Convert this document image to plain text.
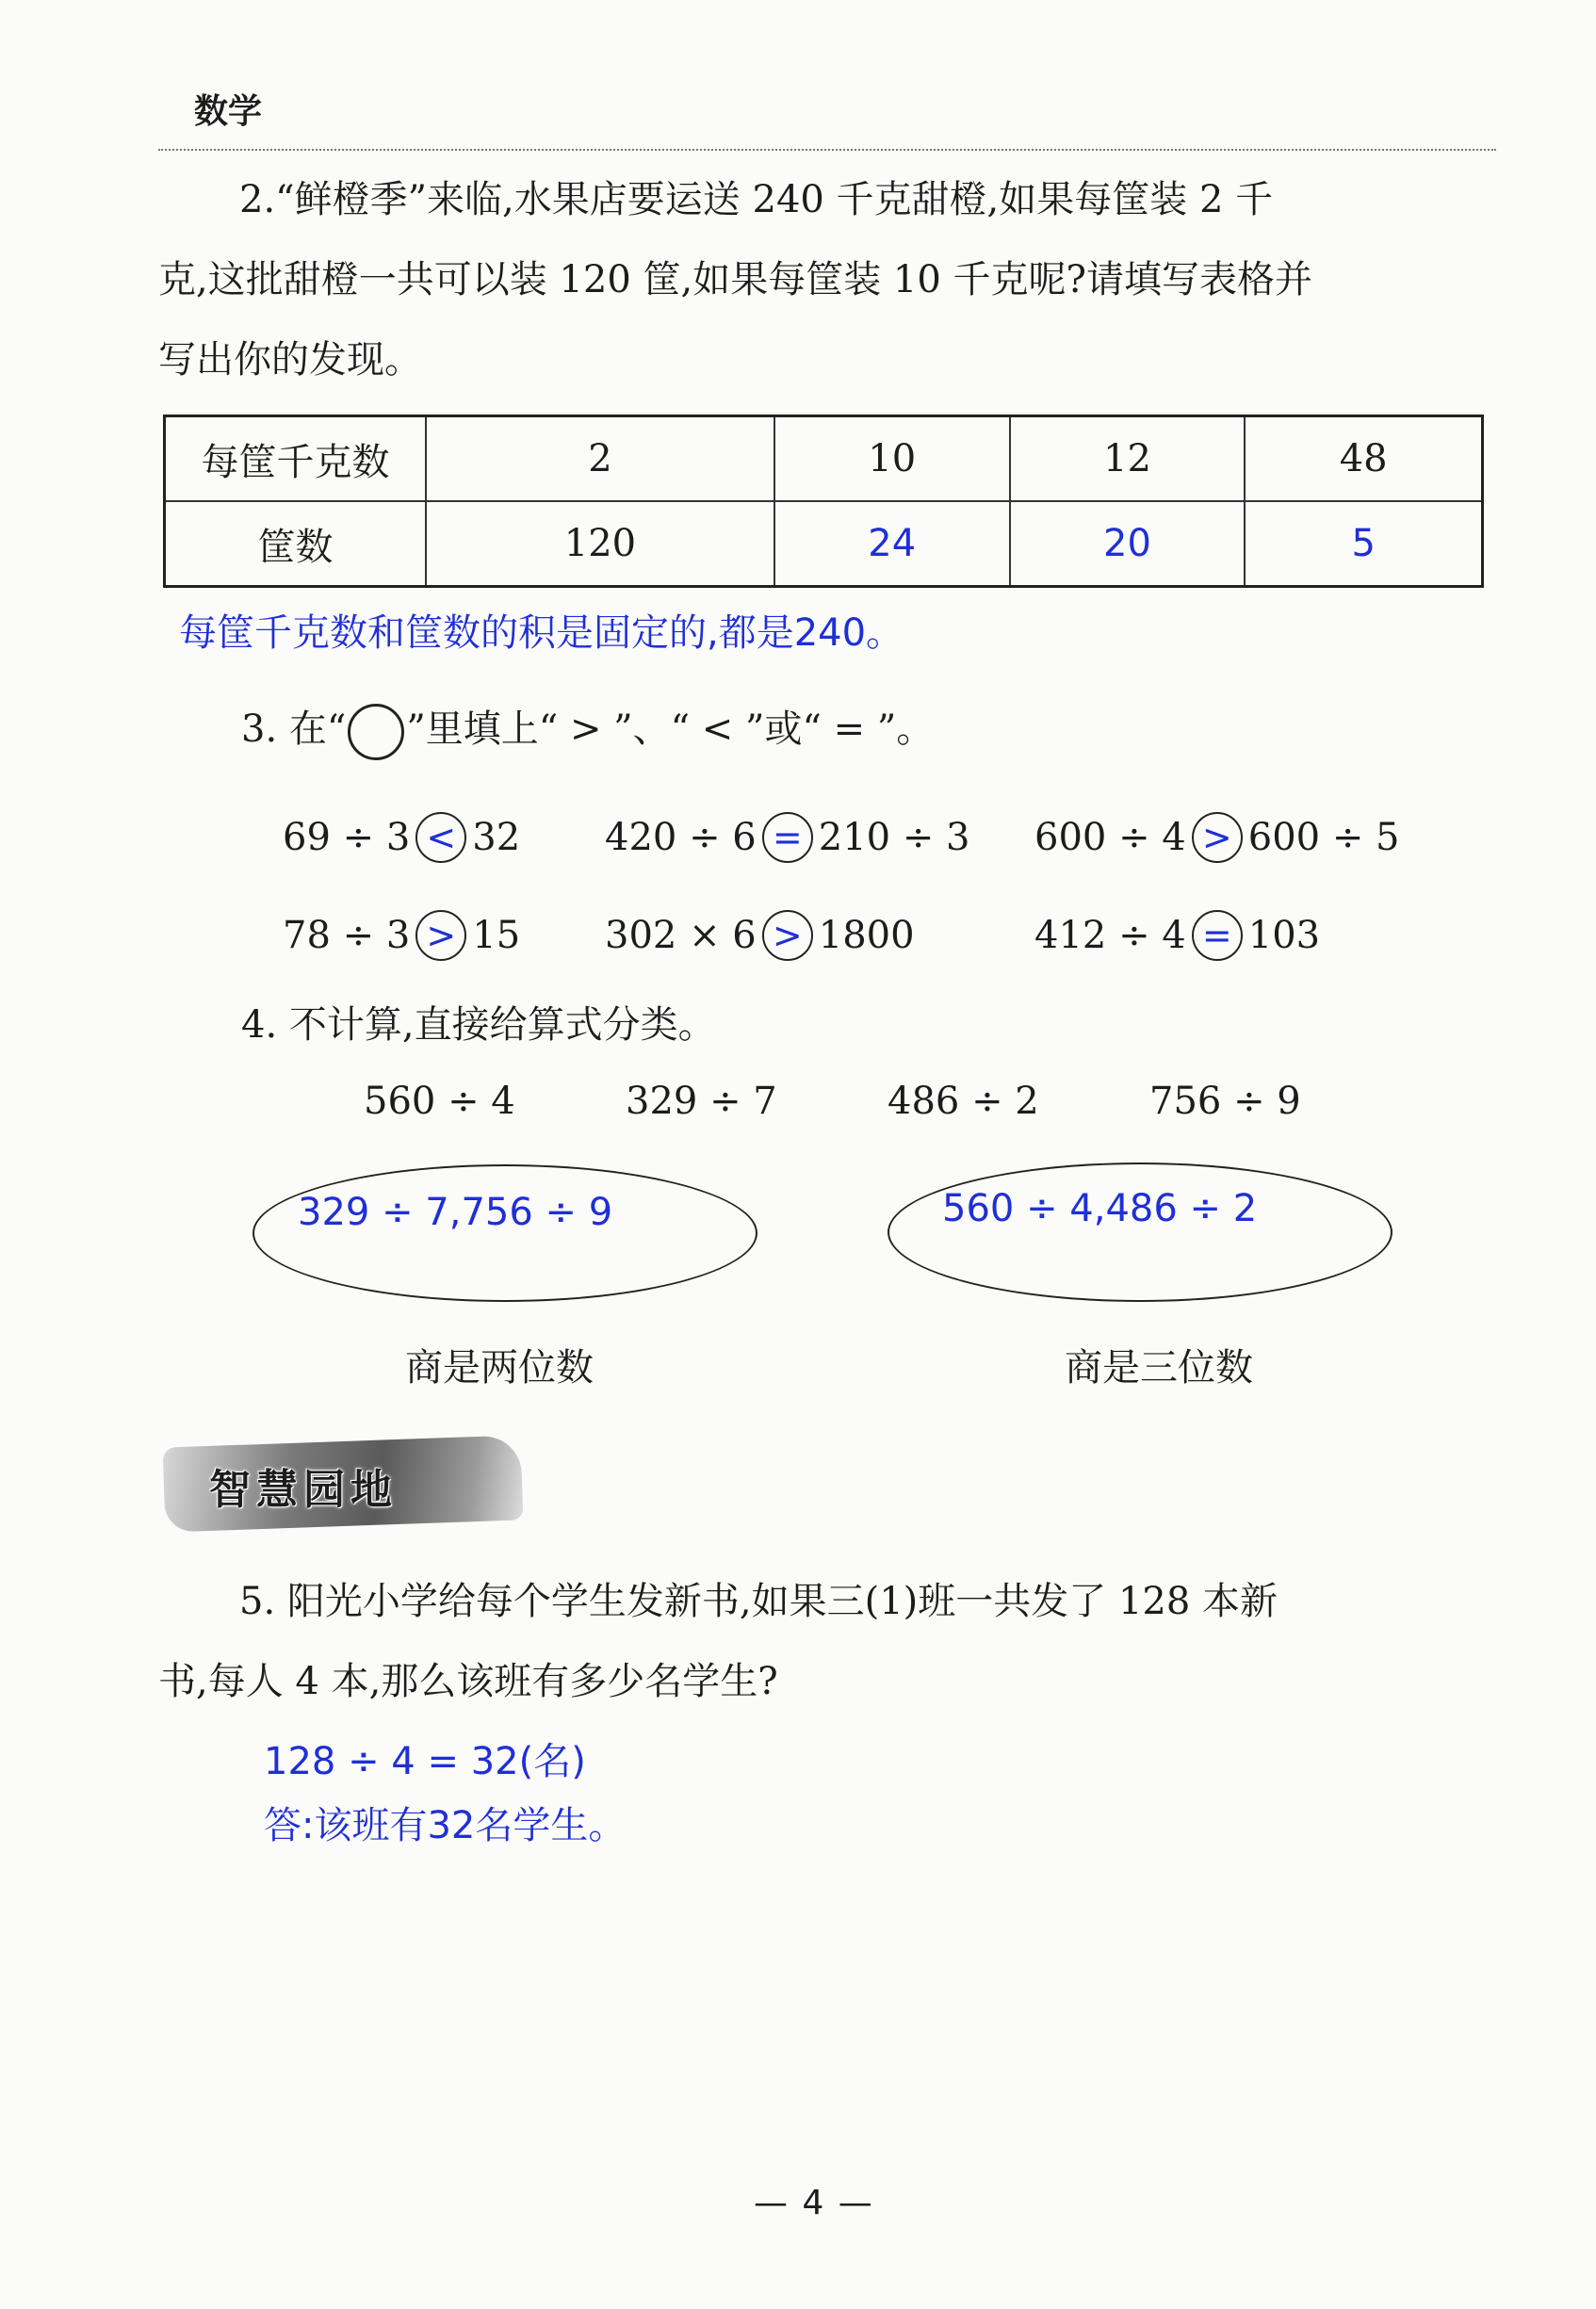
数学
2.“鲜橙季”来临,水果店要运送 240 千克甜橙,如果每筐装 2 千
克,这批甜橙一共可以装 120 筐,如果每筐装 10 千克呢?请填写表格并
写出你的发现。
每筐千克数	2	10	12	48
筐数	120	24	20	5
每筐千克数和筐数的积是固定的,都是240。
3. 在“ ”里填上“ > ”、“ < ”或“ = ”。
69 ÷ 3 < 32 420 ÷ 6 = 210 ÷ 3 600 ÷ 4 > 600 ÷ 5
78 ÷ 3 > 15 302 × 6 > 1800	412 ÷ 4 = 103
4. 不计算,直接给算式分类。
560 ÷ 4	329 ÷ 7	486 ÷ 2	756 ÷ 9
329 ÷ 7,756 ÷ 9
商是两位数
560 ÷ 4,486 ÷ 2
商是三位数
智慧园地
5. 阳光小学给每个学生发新书,如果三(1)班一共发了 128 本新
书,每人 4 本,那么该班有多少名学生?
128 ÷ 4 = 32(名)
答:该班有32名学生。
— 4 —
